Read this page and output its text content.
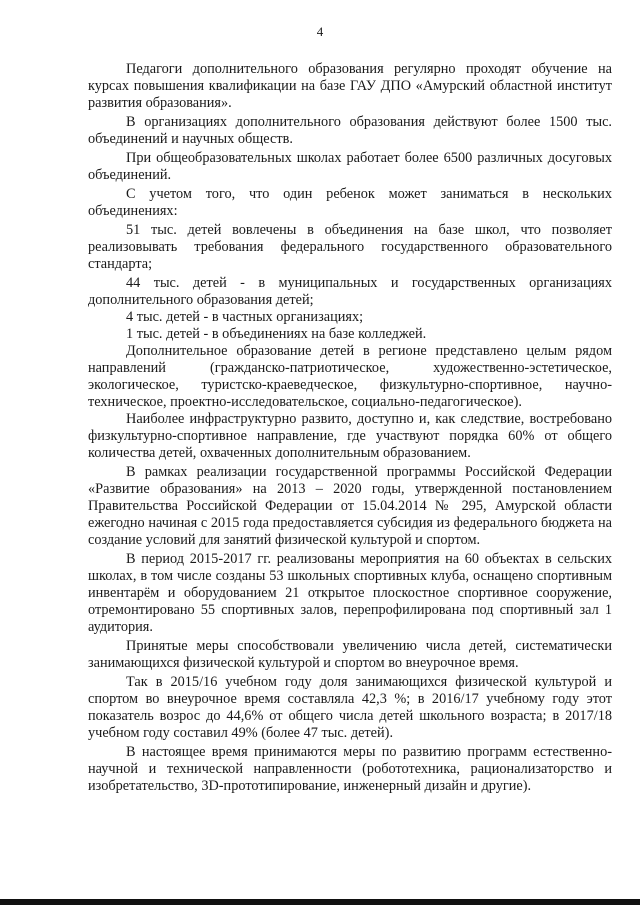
4

Педагоги дополнительного образования регулярно проходят обучение на курсах повышения квалификации на базе ГАУ ДПО «Амурский областной институт развития образования».

В организациях дополнительного образования действуют более 1500 тыс. объединений и научных обществ.

При общеобразовательных школах работает более 6500 различных досуговых объединений.

С учетом того, что один ребенок может заниматься в нескольких объединениях:

51 тыс. детей вовлечены в объединения на базе школ, что позволяет реализовывать требования федерального государственного образовательного стандарта;

44 тыс. детей - в муниципальных и государственных организациях дополнительного образования детей;

4 тыс. детей - в частных организациях;

1 тыс. детей - в объединениях на базе колледжей.

Дополнительное образование детей в регионе представлено целым рядом направлений (гражданско-патриотическое, художественно-эстетическое, экологическое, туристско-краеведческое, физкультурно-спортивное, научно-техническое, проектно-исследовательское, социально-педагогическое).

Наиболее инфраструктурно развито, доступно и, как следствие, востребовано физкультурно-спортивное направление, где участвуют порядка 60% от общего количества детей, охваченных дополнительным образованием.

В рамках реализации государственной программы Российской Федерации «Развитие образования» на 2013 – 2020 годы, утвержденной постановлением Правительства Российской Федерации от 15.04.2014 № 295, Амурской области ежегодно начиная с 2015 года предоставляется субсидия из федерального бюджета на создание условий для занятий физической культурой и спортом.

В период 2015-2017 гг. реализованы мероприятия на 60 объектах в сельских школах, в том числе созданы 53 школьных спортивных клуба, оснащено спортивным инвентарём и оборудованием 21 открытое плоскостное спортивное сооружение, отремонтировано 55 спортивных залов, перепрофилирована под спортивный зал 1 аудитория.

Принятые меры способствовали увеличению числа детей, систематически занимающихся физической культурой и спортом во внеурочное время.

Так в 2015/16 учебном году доля занимающихся физической культурой и спортом во внеурочное время составляла 42,3 %; в 2016/17 учебному году этот показатель возрос до 44,6% от общего числа детей школьного возраста; в 2017/18 учебном году составил 49% (более 47 тыс. детей).

В настоящее время принимаются меры по развитию программ естественно-научной и технической направленности (робототехника, рационализаторство и изобретательство, 3D-прототипирование, инженерный дизайн и другие).
